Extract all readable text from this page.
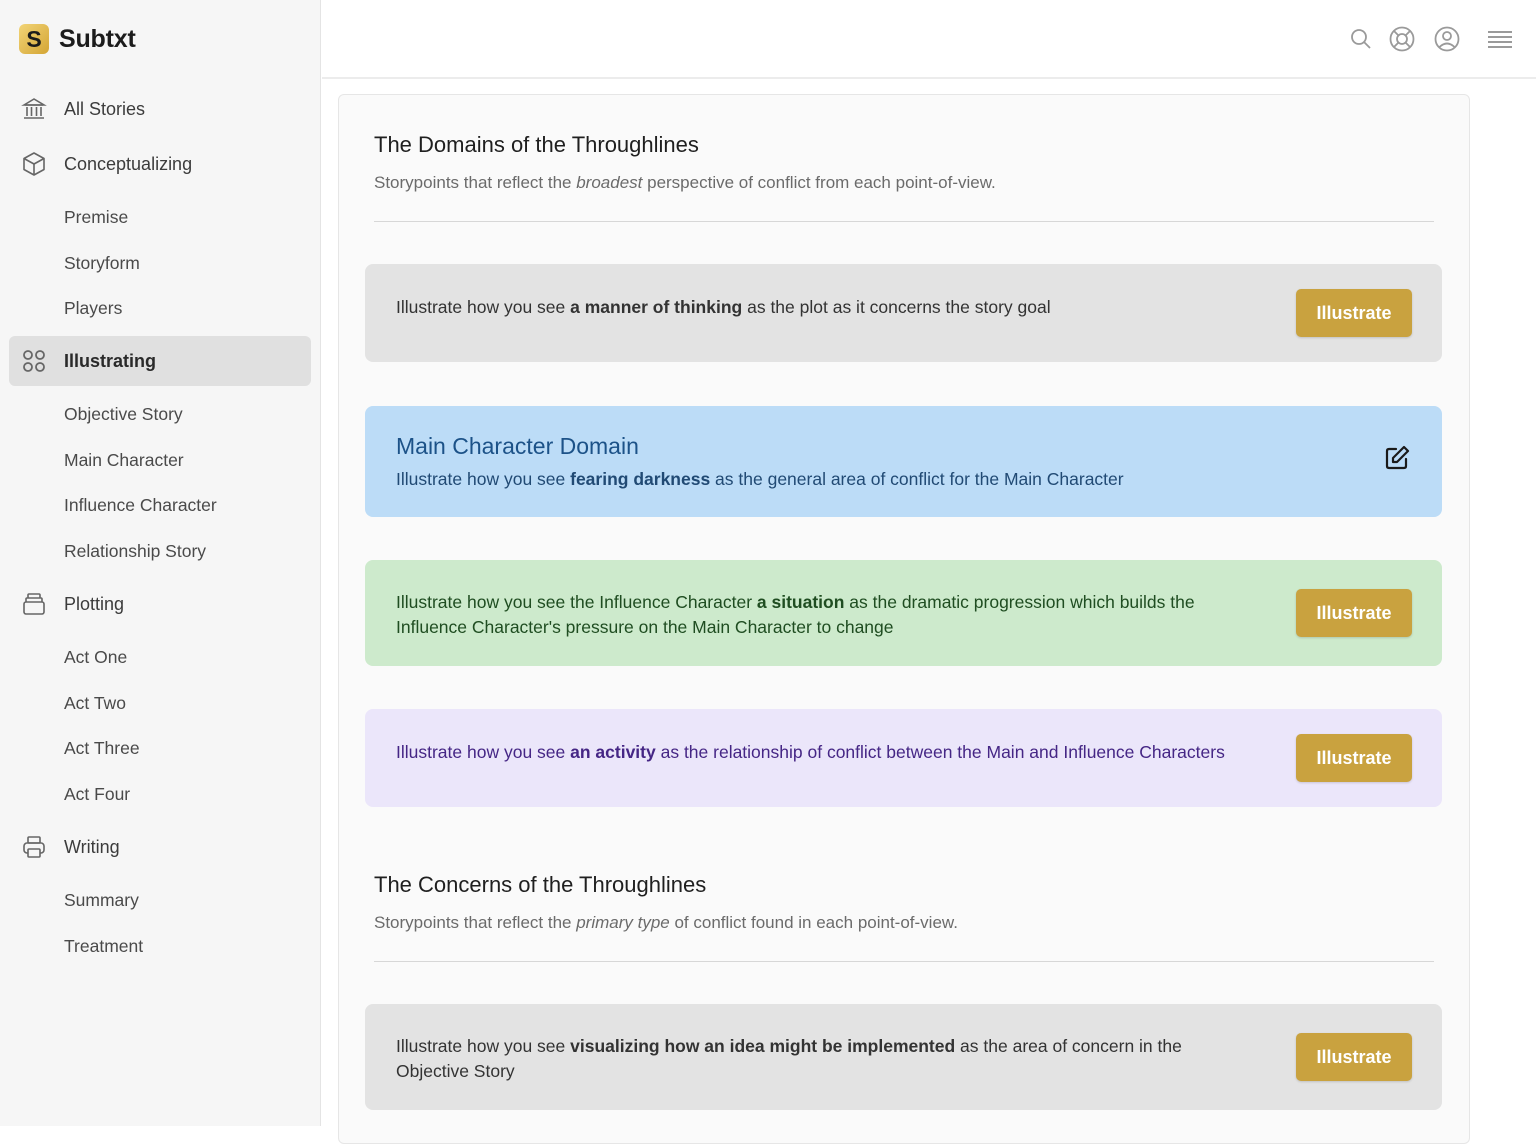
S Subtxt
All Stories
Conceptualizing
Premise
Storyform
Players
Illustrating
Objective Story
Main Character
Influence Character
Relationship Story
Plotting
Act One
Act Two
Act Three
Act Four
Writing
Summary
Treatment
The Domains of the Throughlines
Storypoints that reflect the broadest perspective of conflict from each point-of-view.
Illustrate how you see a manner of thinking as the plot as it concerns the story goal	Illustrate
Main Character Domain
Illustrate how you see fearing darkness as the general area of conflict for the Main Character
Illustrate how you see the Influence Character a situation as the dramatic progression which builds the Influence Character's pressure on the Main Character to change
Illustrate
Illustrate how you see an activity as the relationship of conflict between the Main and Influence Characters	Illustrate
The Concerns of the Throughlines
Storypoints that reflect the primary type of conflict found in each point-of-view.
Illustrate how you see visualizing how an idea might be implemented as the area of concern in the Objective Story
Illustrate
